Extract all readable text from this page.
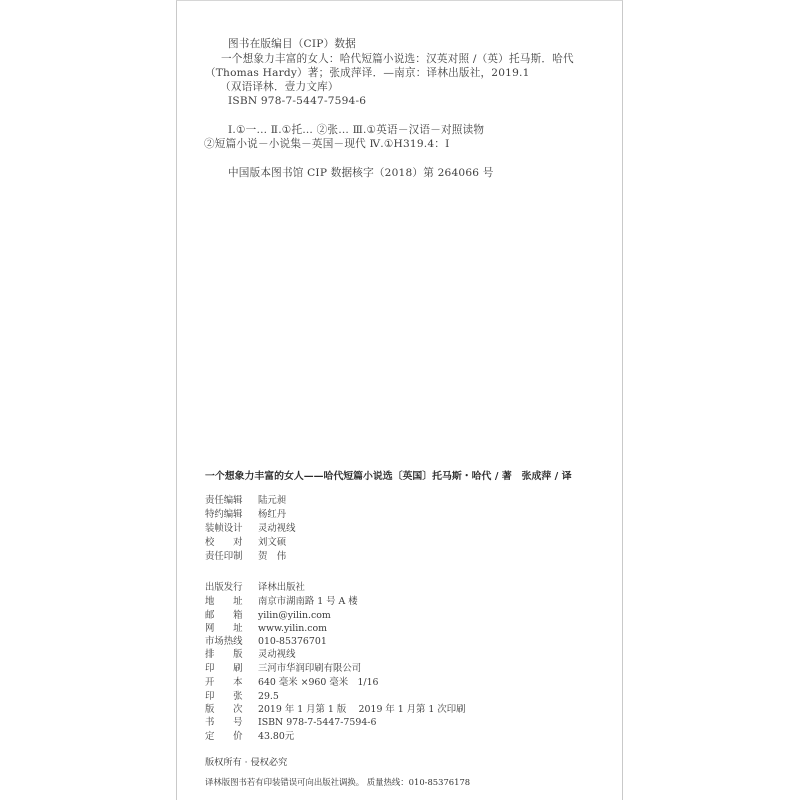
图书在版编目（CIP）数据
一个想象力丰富的女人：哈代短篇小说选：汉英对照 /（英）托马斯．哈代
（Thomas Hardy）著；张成萍译．—南京：译林出版社，2019.1
（双语译林．壹力文库）
ISBN 978-7-5447-7594-6
Ⅰ.①一… Ⅱ.①托… ②张… Ⅲ.①英语－汉语－对照读物
②短篇小说－小说集－英国－现代 Ⅳ.①H319.4：Ⅰ
中国版本图书馆 CIP 数据核字（2018）第 264066 号
一个想象力丰富的女人——哈代短篇小说选〔英国〕托马斯・哈代 / 著　张成萍 / 译
责任编辑 陆元昶
特约编辑 杨红丹
装帧设计 灵动视线
校　　对 刘文硕
责任印制 贺　伟
出版发行 译林出版社
地　　址 南京市湖南路 1 号 A 楼
邮　　箱 yilin@yilin.com
网　　址 www.yilin.com
市场热线 010-85376701
排　　版 灵动视线
印　　刷 三河市华润印刷有限公司
开　　本 640 毫米 ×960 毫米　1/16
印　　张 29.5
版　　次 2019 年 1 月第 1 版　 2019 年 1 月第 1 次印刷
书　　号 ISBN 978-7-5447-7594-6
定　　价 43.80元
版权所有 · 侵权必究
译林版图书若有印装错误可向出版社调换。 质量热线：010-85376178
